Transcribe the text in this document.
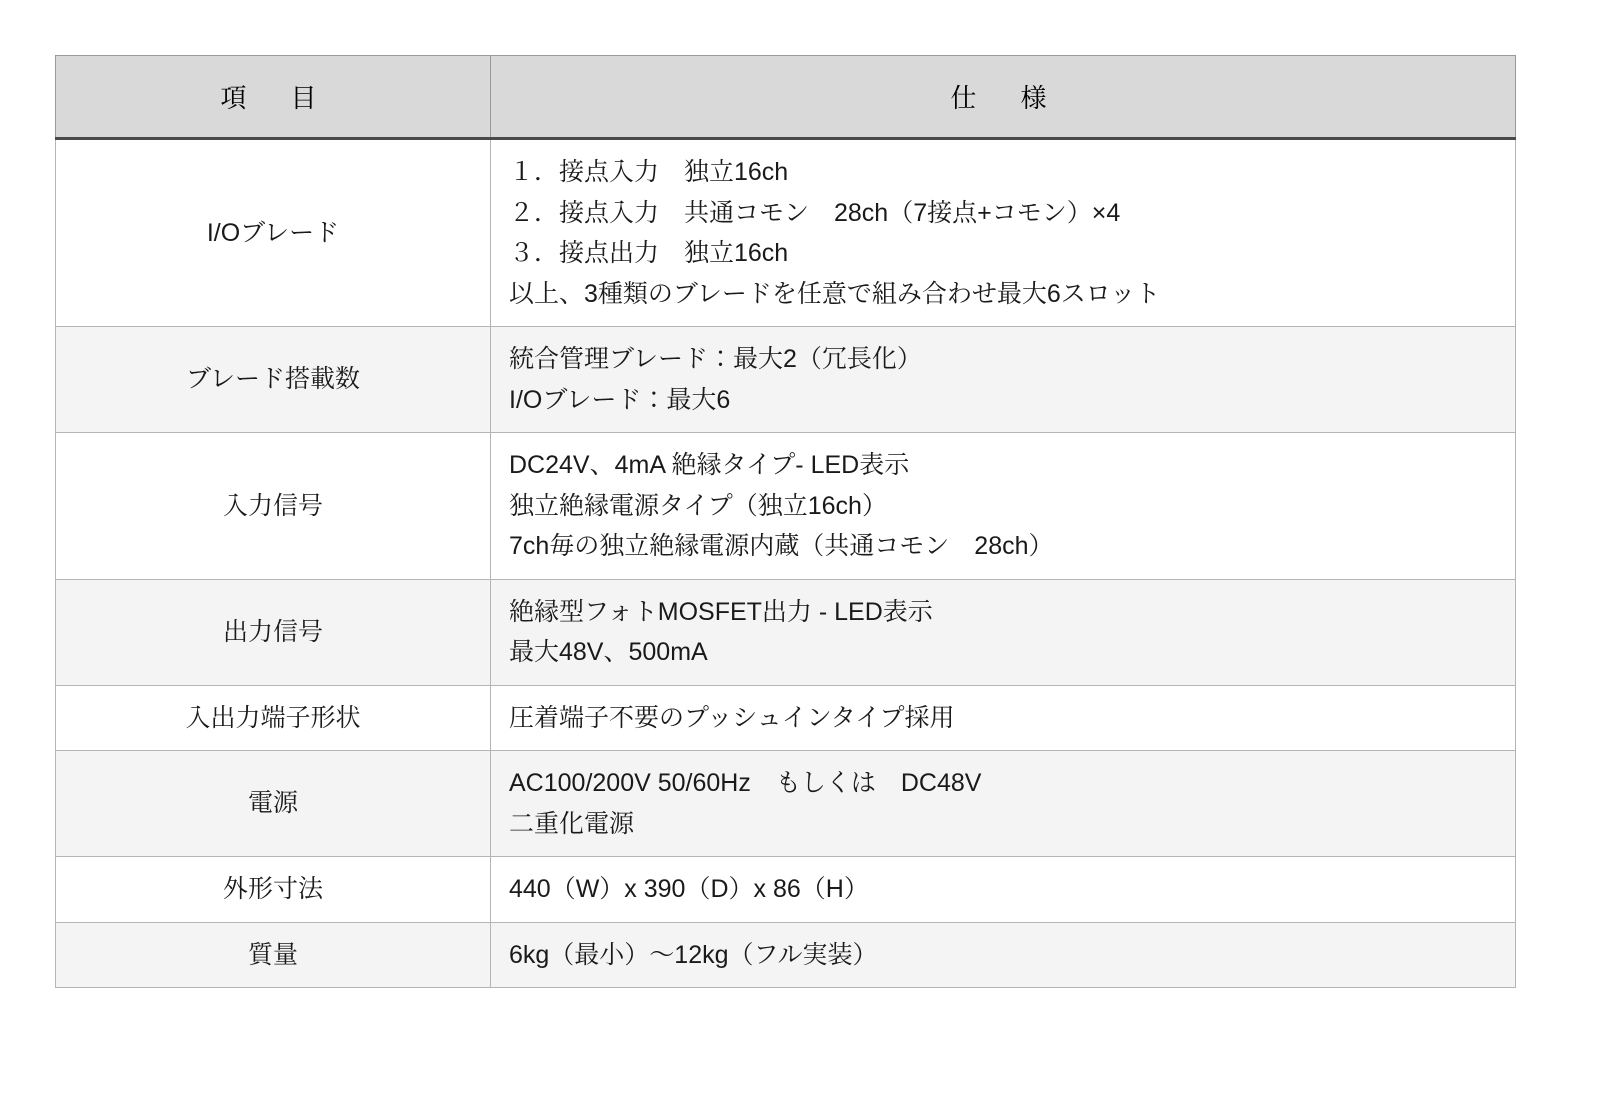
項　目	仕　様
I/Oブレード	１．接点入力　独立16ch
２．接点入力　共通コモン　28ch（7接点+コモン）×4
３．接点出力　独立16ch
以上、3種類のブレードを任意で組み合わせ最大6スロット

ブレード搭載数	統合管理ブレード：最大2（冗長化）
I/Oブレード：最大6

入力信号	DC24V、4mA 絶縁タイプ- LED表示
独立絶縁電源タイプ（独立16ch）
7ch毎の独立絶縁電源内蔵（共通コモン　28ch）

出力信号	絶縁型フォトMOSFET出力 - LED表示
最大48V、500mA

入出力端子形状	圧着端子不要のプッシュインタイプ採用

電源	AC100/200V 50/60Hz　もしくは　DC48V
二重化電源

外形寸法	440（W）x 390（D）x 86（H）

質量	6kg（最小）～12kg（フル実装）
